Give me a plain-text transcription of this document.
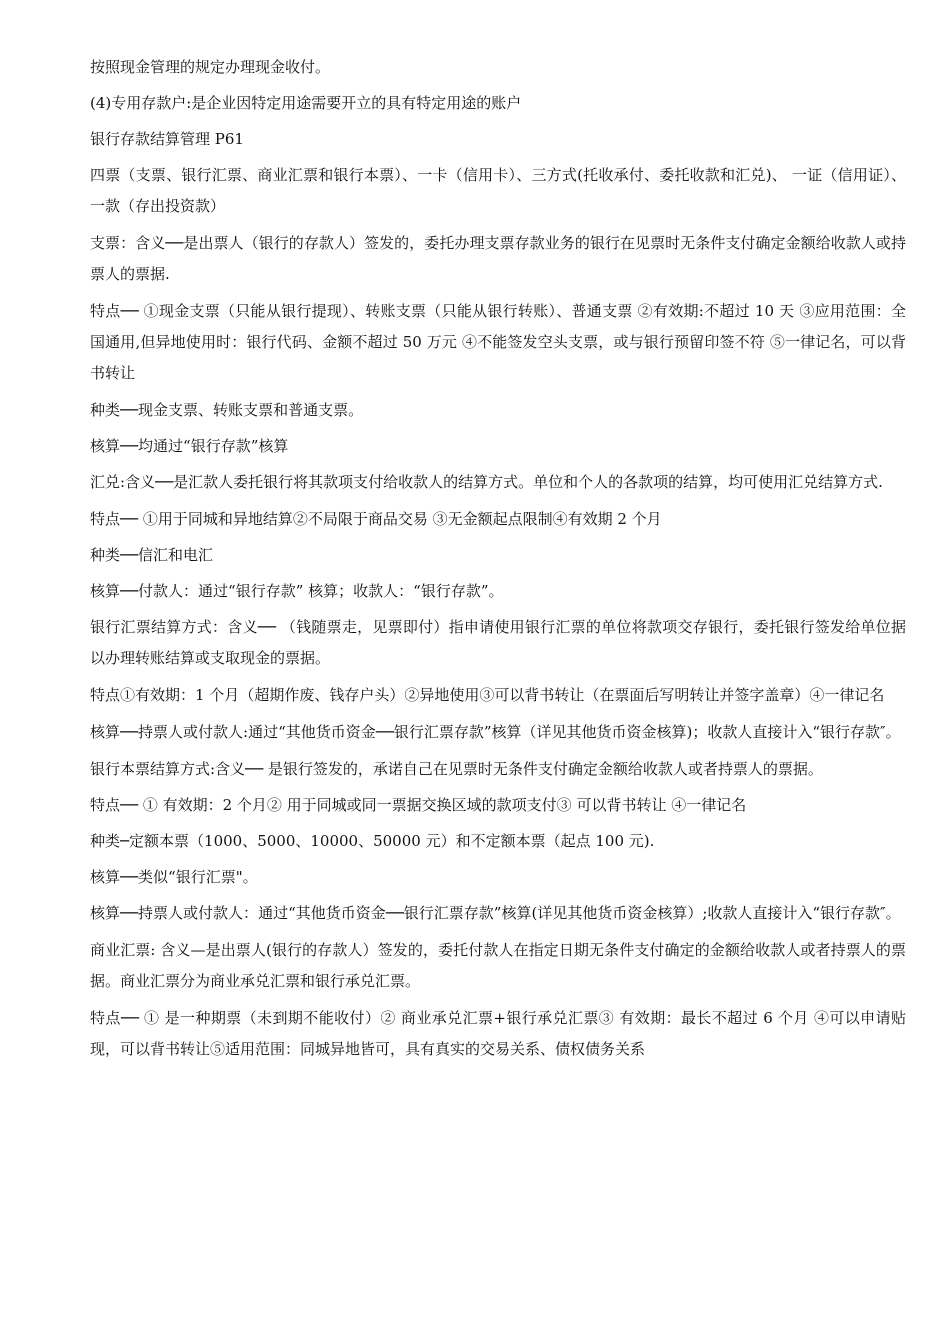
按照现金管理的规定办理现金收付。

(4)专用存款户:是企业因特定用途需要开立的具有特定用途的账户

银行存款结算管理 P61

四票（支票、银行汇票、商业汇票和银行本票）、一卡（信用卡）、三方式(托收承付、委托收款和汇兑)、 一证（信用证）、一款（存出投资款）

支票：含义──是出票人（银行的存款人）签发的，委托办理支票存款业务的银行在见票时无条件支付确定金额给收款人或持票人的票据.

特点── ①现金支票（只能从银行提现）、转账支票（只能从银行转账）、普通支票 ②有效期:不超过 10 天 ③应用范围：全国通用,但异地使用时：银行代码、金额不超过 50 万元 ④不能签发空头支票，或与银行预留印签不符 ⑤一律记名，可以背书转让

种类──现金支票、转账支票和普通支票。

核算──均通过“银行存款”核算

汇兑:含义──是汇款人委托银行将其款项支付给收款人的结算方式。单位和个人的各款项的结算，均可使用汇兑结算方式.

特点── ①用于同城和异地结算②不局限于商品交易 ③无金额起点限制④有效期 2 个月

种类──信汇和电汇

核算──付款人：通过“银行存款” 核算；收款人：“银行存款”。

银行汇票结算方式：含义── （钱随票走，见票即付）指申请使用银行汇票的单位将款项交存银行，委托银行签发给单位据以办理转账结算或支取现金的票据。

特点①有效期：1 个月（超期作废、钱存户头）②异地使用③可以背书转让（在票面后写明转让并签字盖章）④一律记名

核算──持票人或付款人:通过“其他货币资金──银行汇票存款”核算（详见其他货币资金核算)；收款人直接计入“银行存款″。

银行本票结算方式:含义── 是银行签发的，承诺自己在见票时无条件支付确定金额给收款人或者持票人的票据。

特点── ① 有效期：2 个月② 用于同城或同一票据交换区域的款项支付③ 可以背书转让 ④一律记名

种类─定额本票（1000、5000、10000、50000 元）和不定额本票（起点 100 元).

核算──类似“银行汇票"。

核算──持票人或付款人：通过“其他货币资金──银行汇票存款”核算(详见其他货币资金核算）;收款人直接计入“银行存款″。

商业汇票: 含义—是出票人(银行的存款人）签发的，委托付款人在指定日期无条件支付确定的金额给收款人或者持票人的票据。商业汇票分为商业承兑汇票和银行承兑汇票。

特点── ① 是一种期票（未到期不能收付）② 商业承兑汇票+银行承兑汇票③ 有效期：最长不超过 6 个月 ④可以申请贴现，可以背书转让⑤适用范围：同城异地皆可，具有真实的交易关系、债权债务关系
